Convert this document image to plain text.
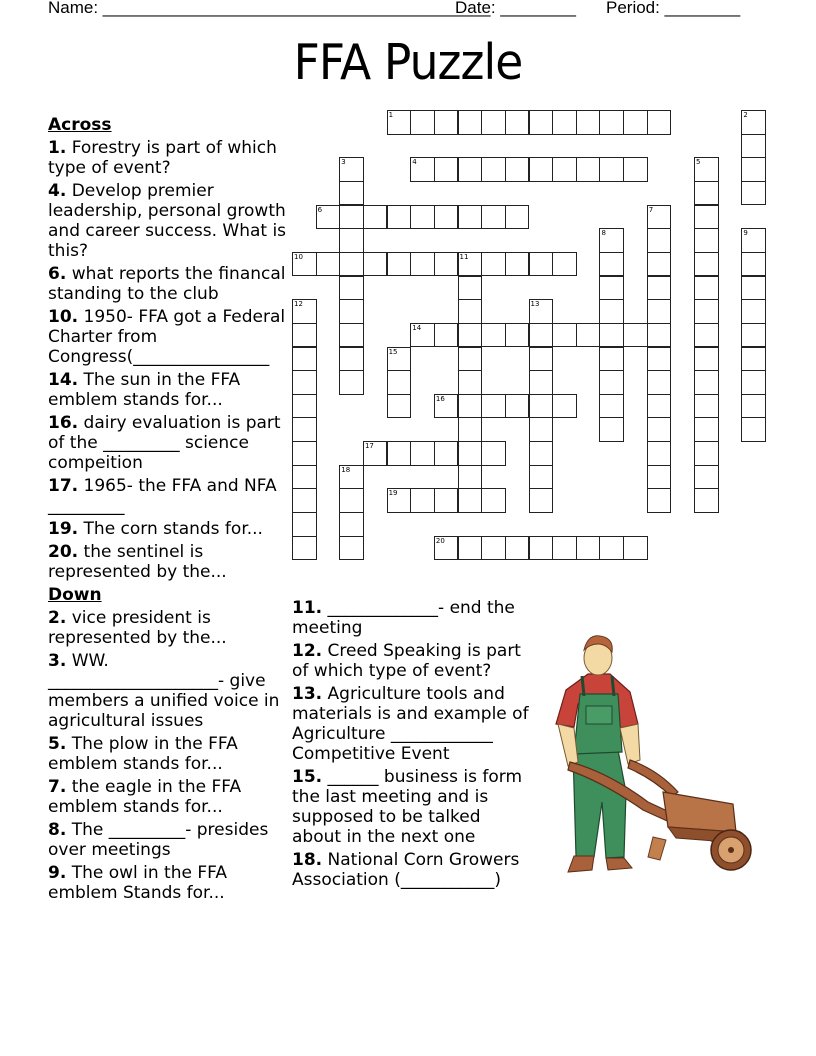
Name: _________________________________________
Date: ________ Period: ________
FFA Puzzle
Across
1. Forestry is part of which type of event?
4. Develop premier leadership, personal growth and career success. What is this?
6. what reports the financal standing to the club
10. 1950- FFA got a Federal Charter from Congress(________________
14. The sun in the FFA emblem stands for...
16. dairy evaluation is part of the _________ science compeition
17. 1965- the FFA and NFA _________
19. The corn stands for...
20. the sentinel is represented by the...
Down
2. vice president is represented by the...
3. WW. ____________________- give members a unified voice in agricultural issues
5. The plow in the FFA emblem stands for...
7. the eagle in the FFA emblem stands for...
8. The _________- presides over meetings
9. The owl in the FFA emblem Stands for...
11. _____________- end the meeting
12. Creed Speaking is part of which type of event?
13. Agriculture tools and materials is and example of Agriculture ____________ Competitive Event
15. ______ business is form the last meeting and is supposed to be talked about in the next one
18. National Corn Growers Association (___________)
1	2
3	4	5
6	7
8	9
10	11
12	13
14
15
16
17
18
19
20
